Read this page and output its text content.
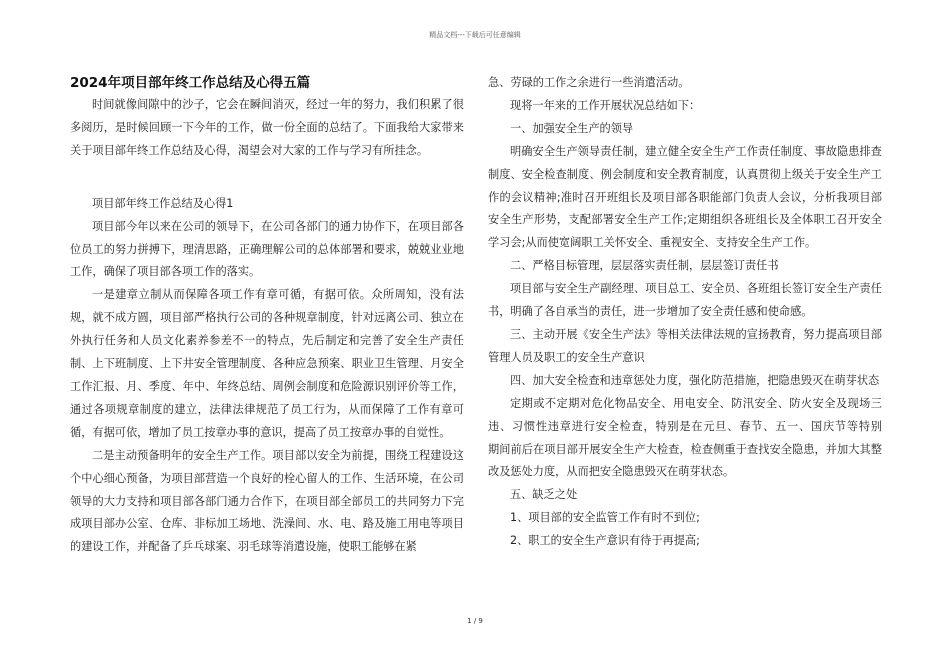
精品文档---下载后可任意编辑

2024年项目部年终工作总结及心得五篇

时间就像间隙中的沙子，它会在瞬间消灭，经过一年的努力，我们积累了很多阅历，是时候回顾一下今年的工作，做一份全面的总结了。下面我给大家带来关于项目部年终工作总结及心得，渴望会对大家的工作与学习有所挂念。

项目部年终工作总结及心得1

项目部今年以来在公司的领导下，在公司各部门的通力协作下，在项目部各位员工的努力拼搏下，理清思路，正确理解公司的总体部署和要求，兢兢业业地工作，确保了项目部各项工作的落实。

一是建章立制从而保障各项工作有章可循，有据可依。众所周知，没有法规，就不成方圆，项目部严格执行公司的各种规章制度，针对远离公司、独立在外执行任务和人员文化素养参差不一的特点，先后制定和完善了安全生产责任制、上下班制度、上下井安全管理制度、各种应急预案、职业卫生管理、月安全工作汇报、月、季度、年中、年终总结、周例会制度和危险源识别评价等工作，通过各项规章制度的建立，法律法律规范了员工行为，从而保障了工作有章可循，有据可依，增加了员工按章办事的意识，提高了员工按章办事的自觉性。

二是主动预备明年的安全生产工作。项目部以安全为前提，围绕工程建设这个中心细心预备，为项目部营造一个良好的栓心留人的工作、生活环境，在公司领导的大力支持和项目部各部门通力合作下，在项目部全部员工的共同努力下完成项目部办公室、仓库、非标加工场地、洗澡间、水、电、路及施工用电等项目的建设工作，并配备了乒乓球案、羽毛球等消遣设施，使职工能够在紧

急、劳碌的工作之余进行一些消遣活动。

现将一年来的工作开展状况总结如下：

一、加强安全生产的领导

明确安全生产领导责任制，建立健全安全生产工作责任制度、事故隐患排查制度、安全检查制度、例会制度和安全教育制度，认真贯彻上级关于安全生产工作的会议精神;准时召开班组长及项目部各职能部门负责人会议，分析我项目部安全生产形势，支配部署安全生产工作;定期组织各班组长及全体职工召开安全学习会;从而使宽阔职工关怀安全、重视安全、支持安全生产工作。

二、严格目标管理，层层落实责任制，层层签订责任书

项目部与安全生产副经理、项目总工、安全员、各班组长签订安全生产责任书，明确了各自承当的责任，进一步增加了安全责任感和使命感。

三、主动开展《安全生产法》等相关法律法规的宣扬教育，努力提高项目部管理人员及职工的安全生产意识

四、加大安全检查和违章惩处力度，强化防范措施，把隐患毁灭在萌芽状态

定期或不定期对危化物品安全、用电安全、防汛安全、防火安全及现场三违、习惯性违章进行安全检查，特别是在元旦、春节、五一、国庆节等特别　　期间前后在项目部开展安全生产大检查，检查侧重于查找安全隐患，并加大其整改及惩处力度，从而把安全隐患毁灭在萌芽状态。

五、缺乏之处

1、项目部的安全监管工作有时不到位;

2、职工的安全生产意识有待于再提高;

1 / 9
